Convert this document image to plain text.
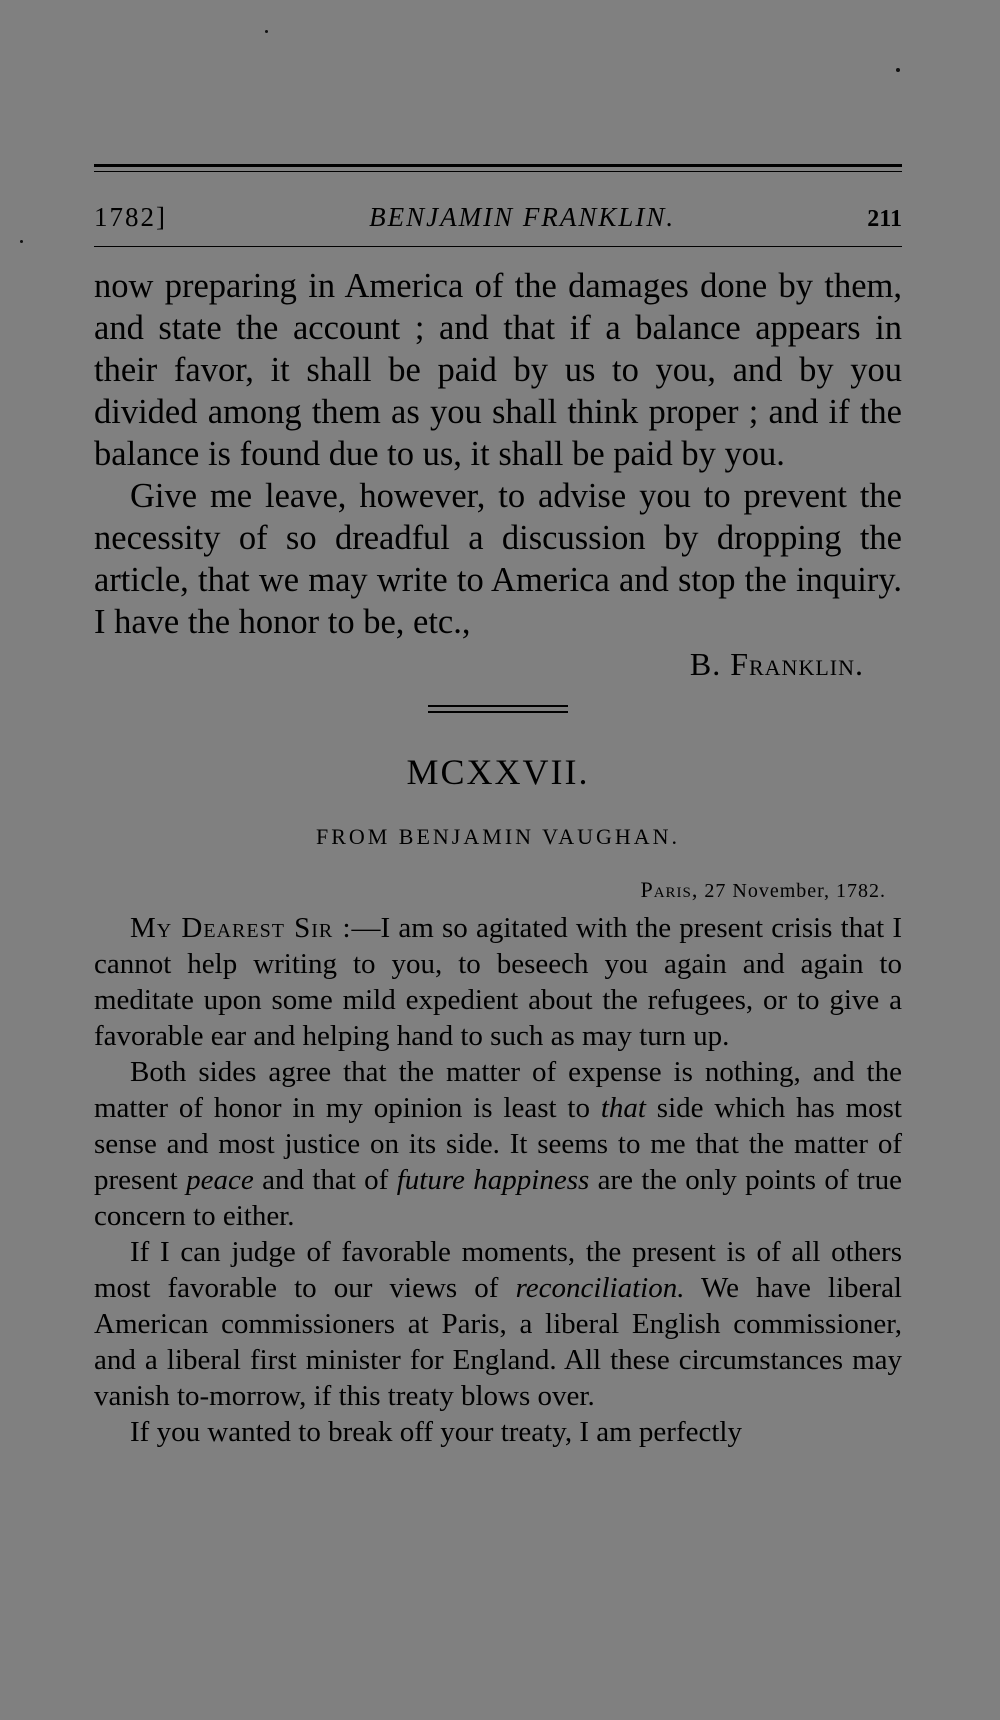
1782]	BENJAMIN FRANKLIN.	211

now preparing in America of the damages done by them, and state the account ; and that if a balance appears in their favor, it shall be paid by us to you, and by you divided among them as you shall think proper ; and if the balance is found due to us, it shall be paid by you.

Give me leave, however, to advise you to prevent the necessity of so dreadful a discussion by dropping the article, that we may write to America and stop the inquiry. I have the honor to be, etc.,

B. Franklin.
MCXXVII.
FROM BENJAMIN VAUGHAN.
Paris, 27 November, 1782.

My Dearest Sir :—I am so agitated with the present crisis that I cannot help writing to you, to beseech you again and again to meditate upon some mild expedient about the refugees, or to give a favorable ear and helping hand to such as may turn up.

Both sides agree that the matter of expense is nothing, and the matter of honor in my opinion is least to that side which has most sense and most justice on its side. It seems to me that the matter of present peace and that of future happiness are the only points of true concern to either.

If I can judge of favorable moments, the present is of all others most favorable to our views of reconciliation. We have liberal American commissioners at Paris, a liberal English commissioner, and a liberal first minister for England. All these circumstances may vanish to-morrow, if this treaty blows over.

If you wanted to break off your treaty, I am perfectly
